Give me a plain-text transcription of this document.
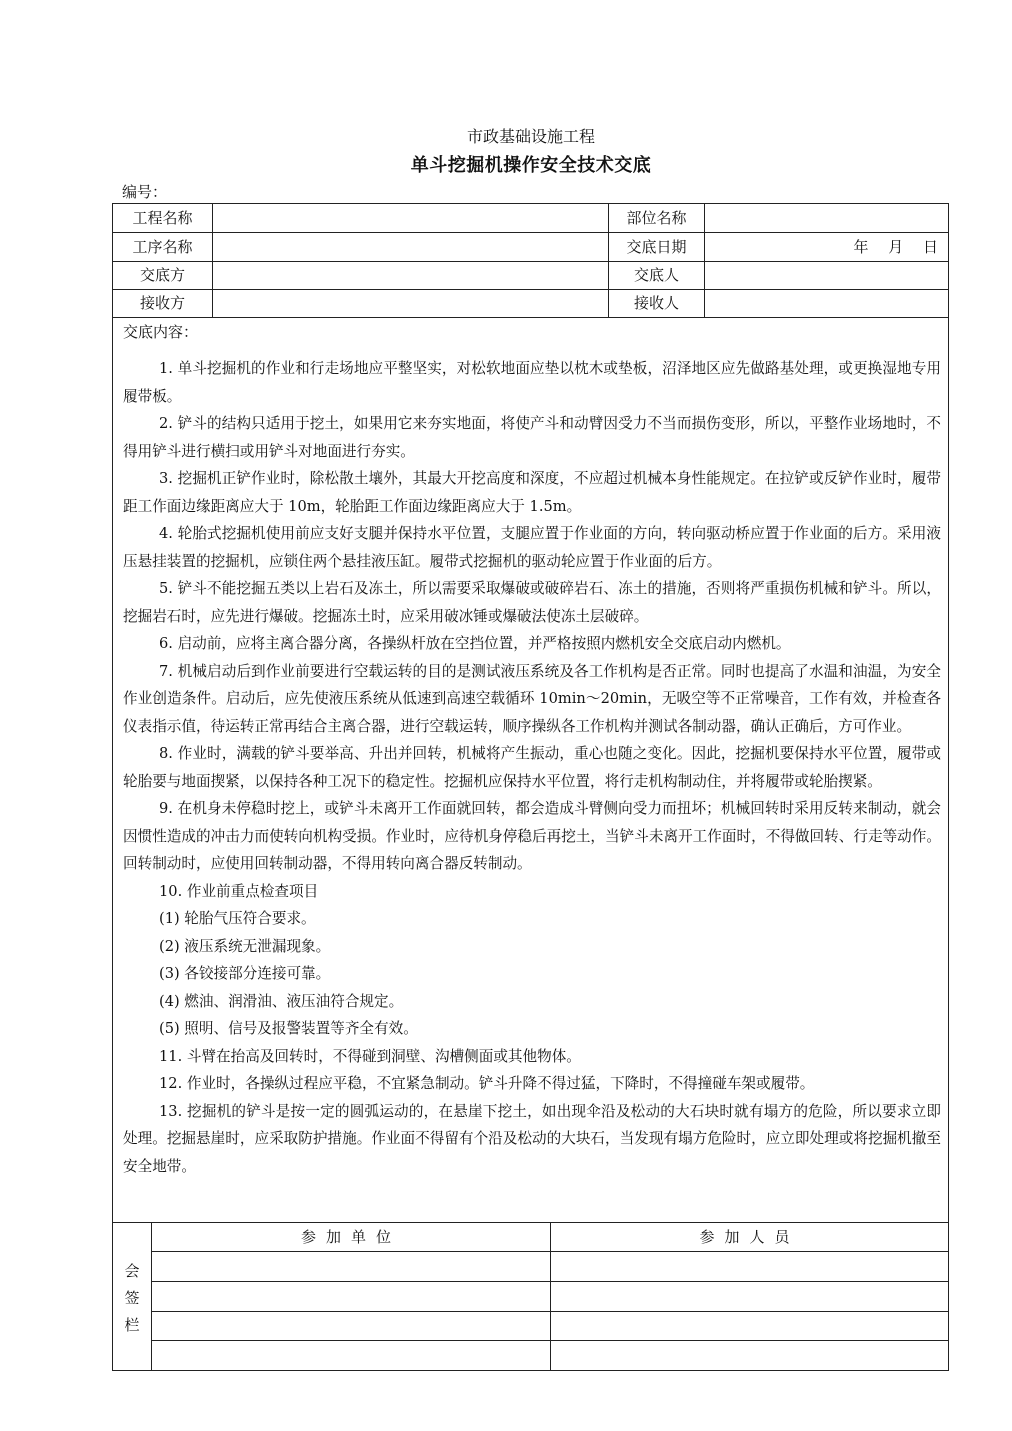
市政基础设施工程
单斗挖掘机操作安全技术交底
编号：
工程名称	部位名称
工序名称	交底日期	年　 月　 日
交底方	交底人
接收方	接收人
交底内容：

1. 单斗挖掘机的作业和行走场地应平整坚实，对松软地面应垫以枕木或垫板，沼泽地区应先做路基处理，或更换湿地专用履带板。

2. 铲斗的结构只适用于挖土，如果用它来夯实地面，将使产斗和动臂因受力不当而损伤变形，所以，平整作业场地时，不得用铲斗进行横扫或用铲斗对地面进行夯实。

3. 挖掘机正铲作业时，除松散土壤外，其最大开挖高度和深度，不应超过机械本身性能规定。在拉铲或反铲作业时，履带距工作面边缘距离应大于 10m，轮胎距工作面边缘距离应大于 1.5m。

4. 轮胎式挖掘机使用前应支好支腿并保持水平位置，支腿应置于作业面的方向，转向驱动桥应置于作业面的后方。采用液压悬挂装置的挖掘机，应锁住两个悬挂液压缸。履带式挖掘机的驱动轮应置于作业面的后方。

5. 铲斗不能挖掘五类以上岩石及冻土，所以需要采取爆破或破碎岩石、冻土的措施，否则将严重损伤机械和铲斗。所以，挖掘岩石时，应先进行爆破。挖掘冻土时，应采用破冰锤或爆破法使冻土层破碎。

6. 启动前，应将主离合器分离，各操纵杆放在空挡位置，并严格按照内燃机安全交底启动内燃机。

7. 机械启动后到作业前要进行空载运转的目的是测试液压系统及各工作机构是否正常。同时也提高了水温和油温，为安全作业创造条件。启动后，应先使液压系统从低速到高速空载循环 10min～20min，无吸空等不正常噪音，工作有效，并检查各仪表指示值，待运转正常再结合主离合器，进行空载运转，顺序操纵各工作机构并测试各制动器，确认正确后，方可作业。

8. 作业时，满载的铲斗要举高、升出并回转，机械将产生振动，重心也随之变化。因此，挖掘机要保持水平位置，履带或轮胎要与地面揳紧，以保持各种工况下的稳定性。挖掘机应保持水平位置，将行走机构制动住，并将履带或轮胎揳紧。

9. 在机身未停稳时挖上，或铲斗未离开工作面就回转，都会造成斗臂侧向受力而扭坏；机械回转时采用反转来制动，就会因惯性造成的冲击力而使转向机构受损。作业时，应待机身停稳后再挖土，当铲斗未离开工作面时，不得做回转、行走等动作。回转制动时，应使用回转制动器，不得用转向离合器反转制动。

10. 作业前重点检查项目

(1) 轮胎气压符合要求。

(2) 液压系统无泄漏现象。

(3) 各铰接部分连接可靠。

(4) 燃油、润滑油、液压油符合规定。

(5) 照明、信号及报警装置等齐全有效。

11. 斗臂在抬高及回转时，不得碰到洞壁、沟槽侧面或其他物体。

12. 作业时，各操纵过程应平稳，不宜紧急制动。铲斗升降不得过猛，下降时，不得撞碰车架或履带。

13. 挖掘机的铲斗是按一定的圆弧运动的，在悬崖下挖土，如出现伞沿及松动的大石块时就有塌方的危险，所以要求立即处理。挖掘悬崖时，应采取防护措施。作业面不得留有个沿及松动的大块石，当发现有塌方危险时，应立即处理或将挖掘机撤至安全地带。

会签栏
参加单位	参加人员
